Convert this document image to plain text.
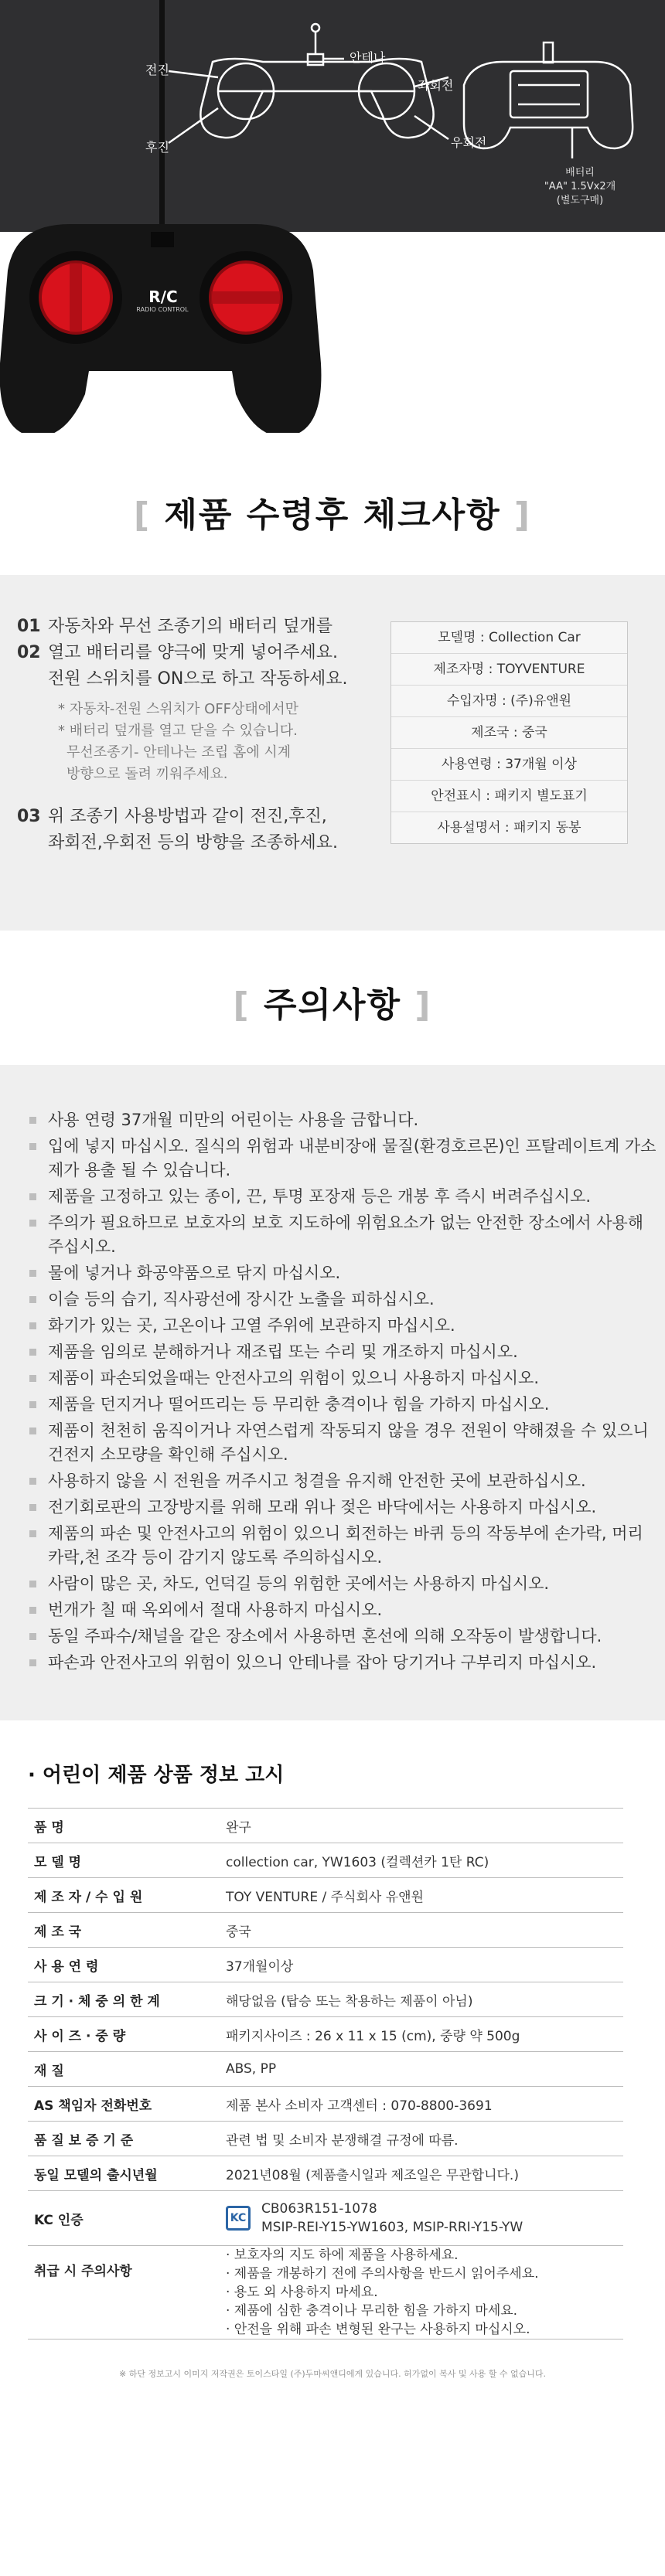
전진
후진
안테나
좌회전
우회전
R/C
RADIO CONTROL
배터리
"AA" 1.5Vx2개
(별도구매)
[ 제품 수령후 체크사항 ]
01 자동차와 무선 조종기의 배터리 덮개를
02 열고 배터리를 양극에 맞게 넣어주세요.
전원 스위치를 ON으로 하고 작동하세요.
* 자동차-전원 스위치가 OFF상태에서만
* 배터리 덮개를 열고 닫을 수 있습니다.
무선조종기- 안테나는 조립 홈에 시계
방향으로 돌려 끼워주세요.
03 위 조종기 사용방법과 같이 전진,후진,
좌회전,우회전 등의 방향을 조종하세요.
모델명 : Collection Car
제조자명 : TOYVENTURE
수입자명 : (주)유앤원
제조국 : 중국
사용연령 : 37개월 이상
안전표시 : 패키지 별도표기
사용설명서 : 패키지 동봉
[ 주의사항 ]
사용 연령 37개월 미만의 어린이는 사용을 금합니다.
입에 넣지 마십시오. 질식의 위험과 내분비장애 물질(환경호르몬)인 프탈레이트계 가소제가 용출 될 수 있습니다.
제품을 고정하고 있는 종이, 끈, 투명 포장재 등은 개봉 후 즉시 버려주십시오.
주의가 필요하므로 보호자의 보호 지도하에 위험요소가 없는 안전한 장소에서 사용해 주십시오.
물에 넣거나 화공약품으로 닦지 마십시오.
이슬 등의 습기, 직사광선에 장시간 노출을 피하십시오.
화기가 있는 곳, 고온이나 고열 주위에 보관하지 마십시오.
제품을 임의로 분해하거나 재조립 또는 수리 및 개조하지 마십시오.
제품이 파손되었을때는 안전사고의 위험이 있으니 사용하지 마십시오.
제품을 던지거나 떨어뜨리는 등 무리한 충격이나 힘을 가하지 마십시오.
제품이 천천히 움직이거나 자연스럽게 작동되지 않을 경우 전원이 약해졌을 수 있으니 건전지 소모량을 확인해 주십시오.
사용하지 않을 시 전원을 꺼주시고 청결을 유지해 안전한 곳에 보관하십시오.
전기회로판의 고장방지를 위해 모래 위나 젖은 바닥에서는 사용하지 마십시오.
제품의 파손 및 안전사고의 위험이 있으니 회전하는 바퀴 등의 작동부에 손가락, 머리카락,천 조각 등이 감기지 않도록 주의하십시오.
사람이 많은 곳, 차도, 언덕길 등의 위험한 곳에서는 사용하지 마십시오.
번개가 칠 때 옥외에서 절대 사용하지 마십시오.
동일 주파수/채널을 같은 장소에서 사용하면 혼선에 의해 오작동이 발생합니다.
파손과 안전사고의 위험이 있으니 안테나를 잡아 당기거나 구부리지 마십시오.
· 어린이 제품 상품 정보 고시
품 명	완구
모 델 명	collection car, YW1603 (컬렉션카 1탄 RC)
제 조 자 / 수 입 원	TOY VENTURE / 주식회사 유앤원
제 조 국	중국
사 용 연 령	37개월이상
크 기 · 체 중 의 한 계	해당없음 (탑승 또는 착용하는 제품이 아님)
사 이 즈 · 중 량	패키지사이즈 : 26 x 11 x 15 (cm), 중량 약 500g
재 질	ABS, PP
AS 책임자 전화번호	제품 본사 소비자 고객센터 : 070-8800-3691
품 질 보 증 기 준	관련 법 및 소비자 분쟁해결 규정에 따름.
동일 모델의 출시년월	2021년08월 (제품출시일과 제조일은 무관합니다.)
KC 인증	KC
CB063R151-1078
MSIP-REI-Y15-YW1603, MSIP-RRI-Y15-YW

취급 시 주의사항	· 보호자의 지도 하에 제품을 사용하세요.
· 제품을 개봉하기 전에 주의사항을 반드시 읽어주세요.
· 용도 외 사용하지 마세요.
· 제품에 심한 충격이나 무리한 힘을 가하지 마세요.
· 안전을 위해 파손 변형된 완구는 사용하지 마십시오.
※ 하단 정보고시 이미지 저작권은 토이스타일 (주)두마씨앤디에게 있습니다. 허가없이 복사 및 사용 할 수 없습니다.
